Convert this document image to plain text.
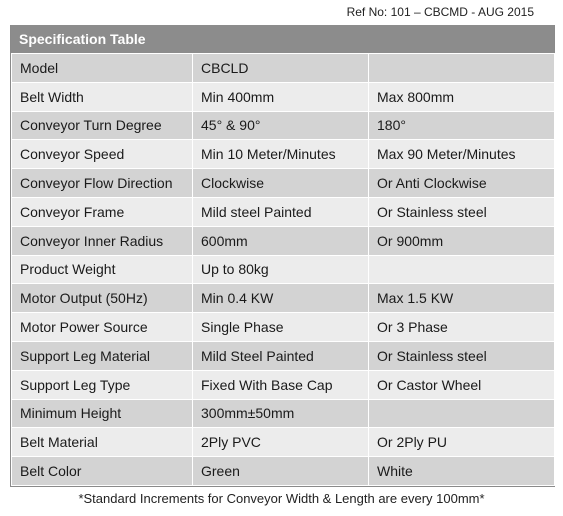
Ref No: 101 – CBCMD - AUG 2015
Specification Table
Model	CBCLD	
Belt Width	Min 400mm	Max 800mm
Conveyor Turn Degree	45° & 90°	180°
Conveyor Speed	Min 10 Meter/Minutes	Max 90 Meter/Minutes
Conveyor Flow Direction	Clockwise	Or Anti Clockwise
Conveyor Frame	Mild steel Painted	Or Stainless steel
Conveyor Inner Radius	600mm	Or 900mm
Product Weight	Up to 80kg	
Motor Output (50Hz)	Min 0.4 KW	Max 1.5 KW
Motor Power Source	Single Phase	Or 3 Phase
Support Leg Material	Mild Steel Painted	Or Stainless steel
Support Leg Type	Fixed With Base Cap	Or Castor Wheel
Minimum Height	300mm±50mm	
Belt Material	2Ply PVC	Or 2Ply PU
Belt Color	Green	White
*Standard Increments for Conveyor Width & Length are every 100mm*
